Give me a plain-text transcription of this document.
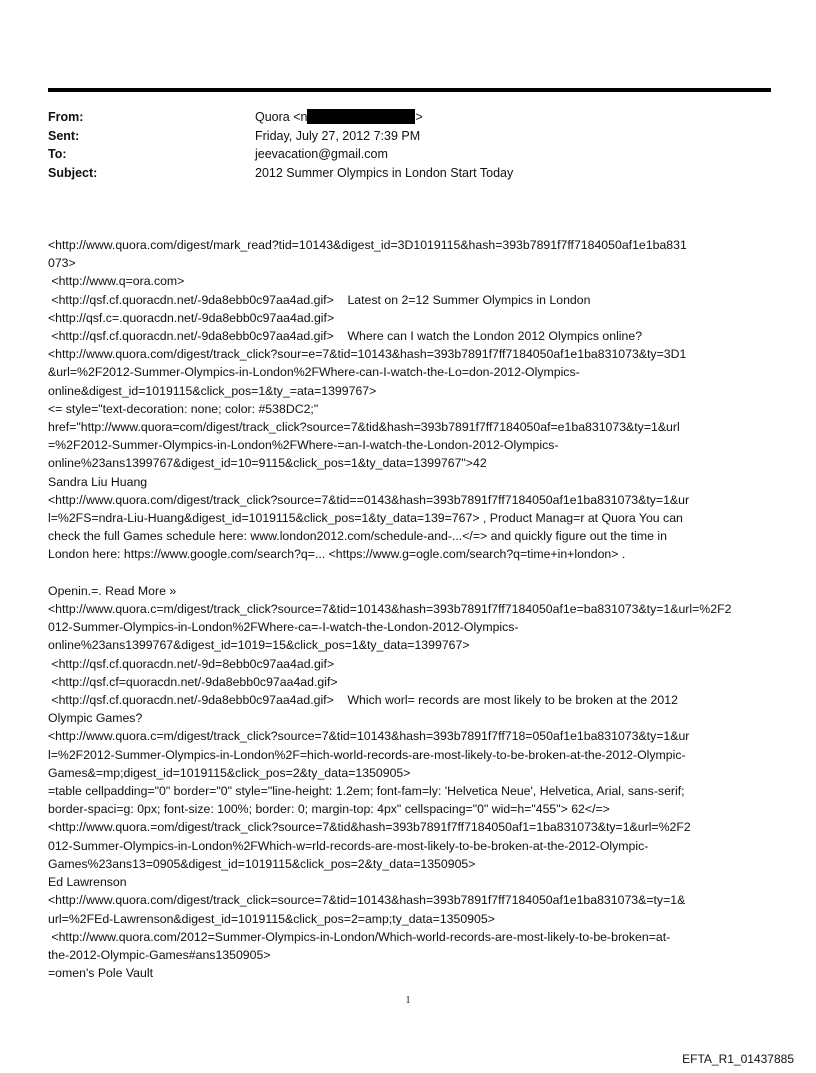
From:	Quora <n	>
Sent:	Friday, July 27, 2012 7:39 PM
To:	jeevacation@gmail.com
Subject:	2012 Summer Olympics in London Start Today
<http://www.quora.com/digest/mark_read?tid=10143&digest_id=3D1019115&hash=393b7891f7ff7184050af1e1ba831
073>
<http://www.q=ora.com>
<http://qsf.cf.quoracdn.net/-9da8ebb0c97aa4ad.gif>    Latest on 2=12 Summer Olympics in London
<http://qsf.c=.quoracdn.net/-9da8ebb0c97aa4ad.gif>
<http://qsf.cf.quoracdn.net/-9da8ebb0c97aa4ad.gif>    Where can I watch the London 2012 Olympics online?
<http://www.quora.com/digest/track_click?sour=e=7&tid=10143&hash=393b7891f7ff7184050af1e1ba831073&ty=3D1
&url=%2F2012-Summer-Olympics-in-London%2FWhere-can-I-watch-the-Lo=don-2012-Olympics-
online&digest_id=1019115&click_pos=1&ty_=ata=1399767>
<= style="text-decoration: none; color: #538DC2;"
href="http://www.quora=com/digest/track_click?source=7&tid&hash=393b7891f7ff7184050af=e1ba831073&ty=1&url
=%2F2012-Summer-Olympics-in-London%2FWhere-=an-I-watch-the-London-2012-Olympics-
online%23ans1399767&digest_id=10=9115&click_pos=1&ty_data=1399767">42
Sandra Liu Huang
<http://www.quora.com/digest/track_click?source=7&tid==0143&hash=393b7891f7ff7184050af1e1ba831073&ty=1&ur
l=%2FS=ndra-Liu-Huang&digest_id=1019115&click_pos=1&ty_data=139=767> , Product Manag=r at Quora You can
check the full Games schedule here: www.london2012.com/schedule-and-...</=> and quickly figure out the time in
London here: https://www.google.com/search?q=... <https://www.g=ogle.com/search?q=time+in+london> .
Openin.=. Read More »
<http://www.quora.c=m/digest/track_click?source=7&tid=10143&hash=393b7891f7ff7184050af1e=ba831073&ty=1&url=%2F2
012-Summer-Olympics-in-London%2FWhere-ca=-I-watch-the-London-2012-Olympics-
online%23ans1399767&digest_id=1019=15&click_pos=1&ty_data=1399767>
<http://qsf.cf.quoracdn.net/-9d=8ebb0c97aa4ad.gif>
<http://qsf.cf=quoracdn.net/-9da8ebb0c97aa4ad.gif>
<http://qsf.cf.quoracdn.net/-9da8ebb0c97aa4ad.gif>    Which worl= records are most likely to be broken at the 2012
Olympic Games?
<http://www.quora.c=m/digest/track_click?source=7&tid=10143&hash=393b7891f7ff718=050af1e1ba831073&ty=1&ur
l=%2F2012-Summer-Olympics-in-London%2F=hich-world-records-are-most-likely-to-be-broken-at-the-2012-Olympic-
Games&=mp;digest_id=1019115&click_pos=2&ty_data=1350905>
=table cellpadding="0" border="0" style="line-height: 1.2em; font-fam=ly: 'Helvetica Neue', Helvetica, Arial, sans-serif;
border-spaci=g: 0px; font-size: 100%; border: 0; margin-top: 4px" cellspacing="0" wid=h="455"> 62</=>
<http://www.quora.=om/digest/track_click?source=7&tid&hash=393b7891f7ff7184050af1=1ba831073&ty=1&url=%2F2
012-Summer-Olympics-in-London%2FWhich-w=rld-records-are-most-likely-to-be-broken-at-the-2012-Olympic-
Games%23ans13=0905&digest_id=1019115&click_pos=2&ty_data=1350905>
Ed Lawrenson
<http://www.quora.com/digest/track_click=source=7&tid=10143&hash=393b7891f7ff7184050af1e1ba831073&=ty=1&
url=%2FEd-Lawrenson&digest_id=1019115&click_pos=2=amp;ty_data=1350905>
<http://www.quora.com/2012=Summer-Olympics-in-London/Which-world-records-are-most-likely-to-be-broken=at-
the-2012-Olympic-Games#ans1350905>
=omen's Pole Vault
1
EFTA_R1_01437885
